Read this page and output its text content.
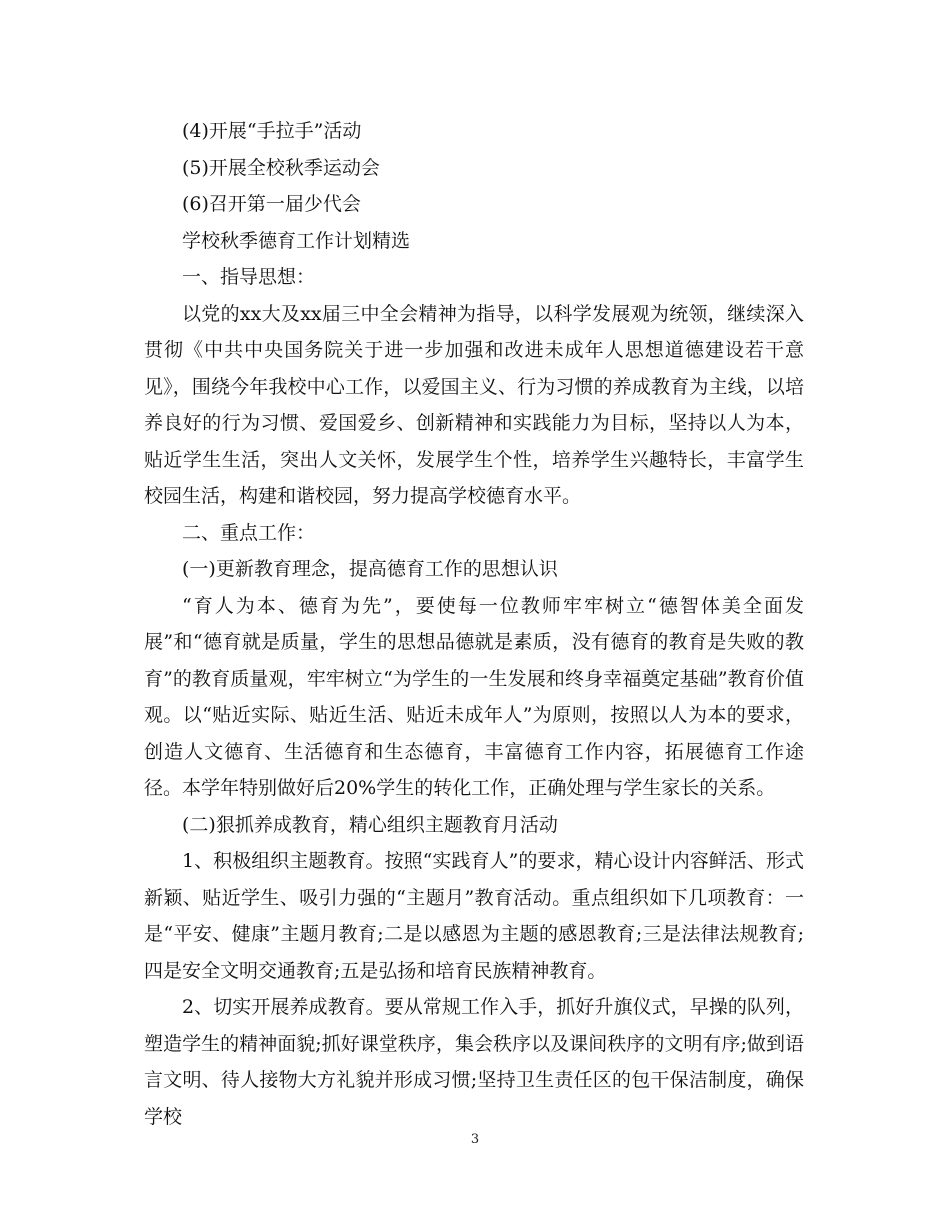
(4)开展“手拉手”活动

(5)开展全校秋季运动会

(6)召开第一届少代会

学校秋季德育工作计划精选

一、指导思想：

以党的xx大及xx届三中全会精神为指导，以科学发展观为统领，继续深入贯彻《中共中央国务院关于进一步加强和改进未成年人思想道德建设若干意见》，围绕今年我校中心工作，以爱国主义、行为习惯的养成教育为主线，以培养良好的行为习惯、爱国爱乡、创新精神和实践能力为目标，坚持以人为本，贴近学生生活，突出人文关怀，发展学生个性，培养学生兴趣特长，丰富学生校园生活，构建和谐校园，努力提高学校德育水平。

二、重点工作：

(一)更新教育理念，提高德育工作的思想认识

“育人为本、德育为先”，要使每一位教师牢牢树立“德智体美全面发展”和“德育就是质量，学生的思想品德就是素质，没有德育的教育是失败的教育”的教育质量观，牢牢树立“为学生的一生发展和终身幸福奠定基础”教育价值观。以“贴近实际、贴近生活、贴近未成年人”为原则，按照以人为本的要求，创造人文德育、生活德育和生态德育，丰富德育工作内容，拓展德育工作途径。本学年特别做好后20%学生的转化工作，正确处理与学生家长的关系。

(二)狠抓养成教育，精心组织主题教育月活动

1、积极组织主题教育。按照“实践育人”的要求，精心设计内容鲜活、形式新颖、贴近学生、吸引力强的“主题月”教育活动。重点组织如下几项教育：一是“平安、健康”主题月教育;二是以感恩为主题的感恩教育;三是法律法规教育;四是安全文明交通教育;五是弘扬和培育民族精神教育。

2、切实开展养成教育。要从常规工作入手，抓好升旗仪式，早操的队列，塑造学生的精神面貌;抓好课堂秩序，集会秩序以及课间秩序的文明有序;做到语言文明、待人接物大方礼貌并形成习惯;坚持卫生责任区的包干保洁制度，确保学校

3
